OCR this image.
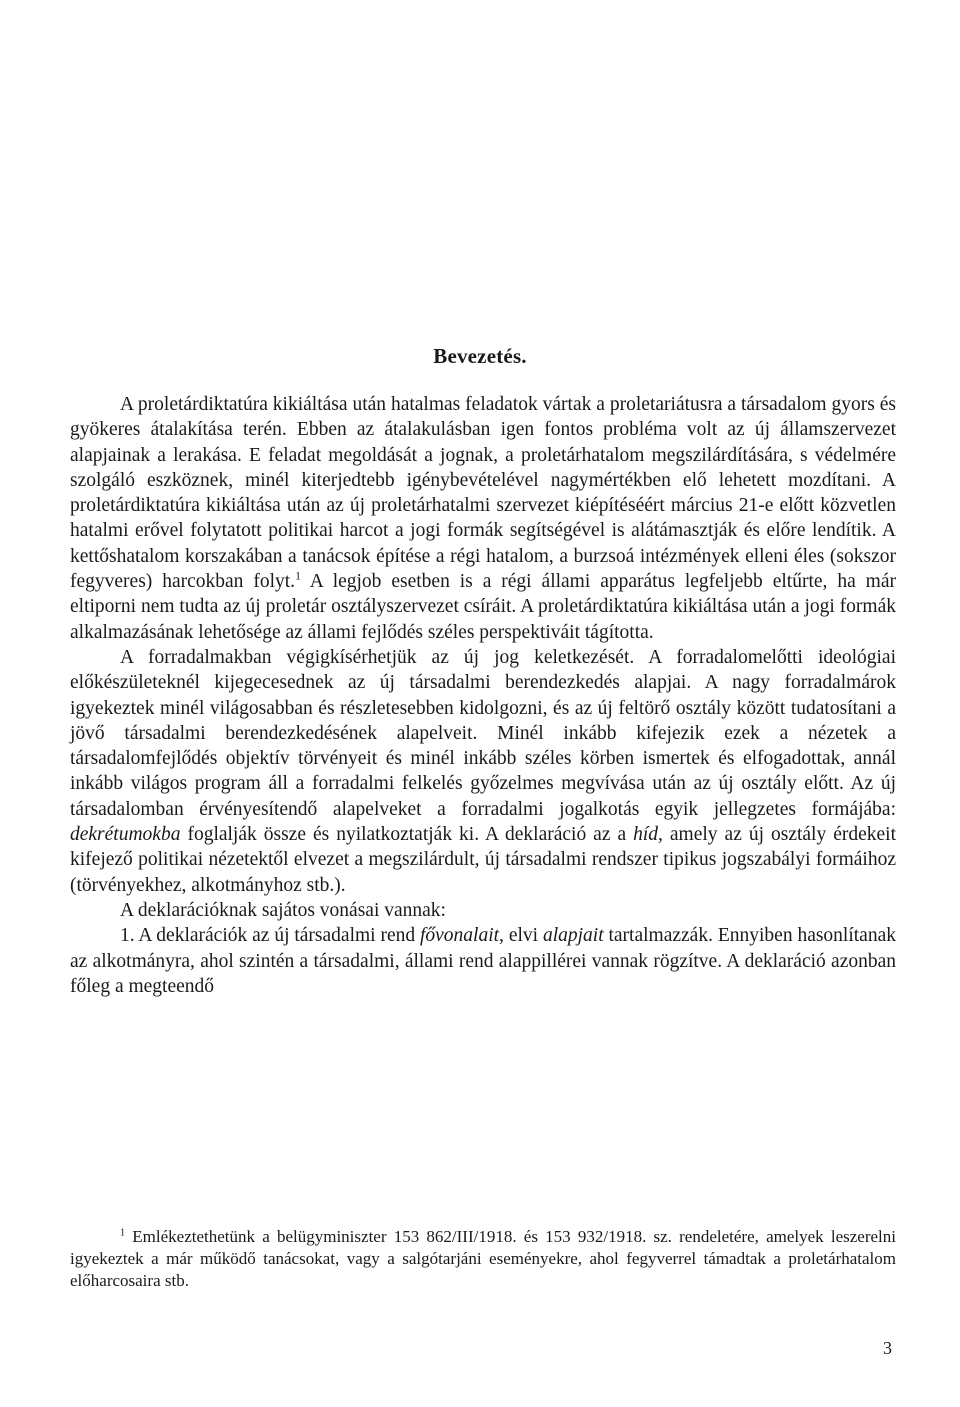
Bevezetés.

A proletárdiktatúra kikiáltása után hatalmas feladatok vártak a proletariátusra a társadalom gyors és gyökeres átalakítása terén. Ebben az átalakulásban igen fontos probléma volt az új államszervezet alapjainak a lerakása. E feladat megoldását a jognak, a proletárhatalom megszilárdítására, s védelmére szolgáló eszköznek, minél kiterjedtebb igénybevételével nagymértékben elő lehetett mozdítani. A proletárdiktatúra kikiáltása után az új proletárhatalmi szervezet kiépítéséért március 21-e előtt közvetlen hatalmi erővel folytatott politikai harcot a jogi formák segítségével is alátámasztják és előre lendítik. A kettőshatalom korszakában a tanácsok építése a régi hatalom, a burzsoá intézmények elleni éles (sokszor fegyveres) harcokban folyt.$^1$ A legjob esetben is a régi állami apparátus legfeljebb eltűrte, ha már eltiporni nem tudta az új proletár osztályszervezet csíráit. A proletárdiktatúra kikiáltása után a jogi formák alkalmazásának lehetősége az állami fejlődés széles perspektiváit tágította.

A forradalmakban végigkísérhetjük az új jog keletkezését. A forradalomelőtti ideológiai előkészületeknél kijegecesednek az új társadalmi berendezkedés alapjai. A nagy forradalmárok igyekeztek minél világosabban és részletesebben kidolgozni, és az új feltörő osztály között tudatosítani a jövő társadalmi berendezkedésének alapelveit. Minél inkább kifejezik ezek a nézetek a társadalomfejlődés objektív törvényeit és minél inkább széles körben ismertek és elfogadottak, annál inkább világos program áll a forradalmi felkelés győzelmes megvívása után az új osztály előtt. Az új társadalomban érvényesítendő alapelveket a forradalmi jogalkotás egyik jellegzetes formájába: dekrétumokba foglalják össze és nyilatkoztatják ki. A deklaráció az a híd, amely az új osztály érdekeit kifejező politikai nézetektől elvezet a megszilárdult, új társadalmi rendszer tipikus jogszabályi formáihoz (törvényekhez, alkotmányhoz stb.).

A deklarációknak sajátos vonásai vannak:

1. A deklarációk az új társadalmi rend fővonalait, elvi alapjait tartalmazzák. Ennyiben hasonlítanak az alkotmányra, ahol szintén a társadalmi, állami rend alappillérei vannak rögzítve. A deklaráció azonban főleg a megteendő

$^1$ Emlékeztethetünk a belügyminiszter 153 862/III/1918. és 153 932/1918. sz. rendeletére, amelyek leszerelni igyekeztek a már működő tanácsokat, vagy a salgótarjáni eseményekre, ahol fegyverrel támadtak a proletárhatalom előharcosaira stb.

3
